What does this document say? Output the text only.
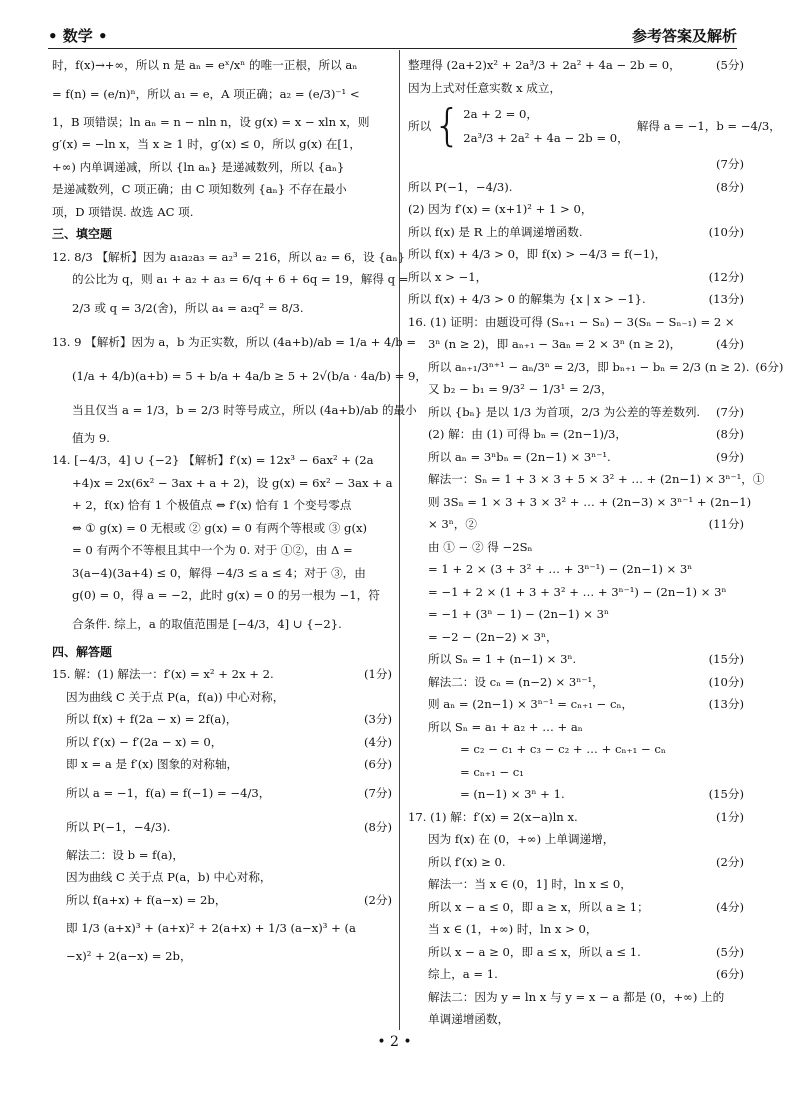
• 数学 •	参考答案及解析
时，f(x)→+∞，所以 n 是 aₙ = eˣ/xⁿ 的唯一正根，所以 aₙ
= f(n) = (e/n)ⁿ，所以 a₁ = e，A 项正确；a₂ = (e/3)⁻¹ <
1，B 项错误；ln aₙ = n − nln n，设 g(x) = x − xln x，则
g′(x) = −ln x，当 x ≥ 1 时，g′(x) ≤ 0，所以 g(x) 在[1，
+∞) 内单调递减，所以 {ln aₙ} 是递减数列，所以 {aₙ}
是递减数列，C 项正确；由 C 项知数列 {aₙ} 不存在最小
项，D 项错误. 故选 AC 项.
三、填空题
12. 8/3 【解析】因为 a₁a₂a₃ = a₂³ = 216，所以 a₂ = 6，设 {aₙ}
的公比为 q，则 a₁ + a₂ + a₃ = 6/q + 6 + 6q = 19，解得 q =
2/3 或 q = 3/2(舍)，所以 a₄ = a₂q² = 8/3.
13. 9 【解析】因为 a，b 为正实数，所以 (4a+b)/ab = 1/a + 4/b =
(1/a + 4/b)(a+b) = 5 + b/a + 4a/b ≥ 5 + 2√(b/a · 4a/b) = 9，
当且仅当 a = 1/3，b = 2/3 时等号成立，所以 (4a+b)/ab 的最小
值为 9.
14. [−4/3，4] ∪ {−2} 【解析】f′(x) = 12x³ − 6ax² + (2a
+4)x = 2x(6x² − 3ax + a + 2)，设 g(x) = 6x² − 3ax + a
+ 2，f(x) 恰有 1 个极值点 ⇔ f′(x) 恰有 1 个变号零点
⇔ ① g(x) = 0 无根或 ② g(x) = 0 有两个等根或 ③ g(x)
= 0 有两个不等根且其中一个为 0. 对于 ①②，由 Δ =
3(a−4)(3a+4) ≤ 0，解得 −4/3 ≤ a ≤ 4；对于 ③，由
g(0) = 0，得 a = −2，此时 g(x) = 0 的另一根为 −1，符
合条件. 综上，a 的取值范围是 [−4/3，4] ∪ {−2}.
四、解答题
15. 解：(1) 解法一：f′(x) = x² + 2x + 2.	(1分)
因为曲线 C 关于点 P(a，f(a)) 中心对称，
所以 f(x) + f(2a − x) = 2f(a)，	(3分)
所以 f′(x) − f′(2a − x) = 0，	(4分)
即 x = a 是 f′(x) 图象的对称轴，	(6分)
所以 a = −1，f(a) = f(−1) = −4/3，	(7分)
所以 P(−1，−4/3).	(8分)
解法二：设 b = f(a)，
因为曲线 C 关于点 P(a，b) 中心对称，
所以 f(a+x) + f(a−x) = 2b，	(2分)
即 1/3 (a+x)³ + (a+x)² + 2(a+x) + 1/3 (a−x)³ + (a
−x)² + 2(a−x) = 2b，
整理得 (2a+2)x² + 2a³/3 + 2a² + 4a − 2b = 0，	(5分)
因为上式对任意实数 x 成立，
所以 { 2a + 2 = 0，
2a³/3 + 2a² + 4a − 2b = 0，
解得 a = −1，b = −4/3，
(7分)
所以 P(−1，−4/3).	(8分)
(2) 因为 f′(x) = (x+1)² + 1 > 0，
所以 f(x) 是 R 上的单调递增函数.	(10分)
所以 f(x) + 4/3 > 0，即 f(x) > −4/3 = f(−1)，
所以 x > −1，	(12分)
所以 f(x) + 4/3 > 0 的解集为 {x | x > −1}.	(13分)
16. (1) 证明：由题设可得 (Sₙ₊₁ − Sₙ) − 3(Sₙ − Sₙ₋₁) = 2 ×
3ⁿ (n ≥ 2)，即 aₙ₊₁ − 3aₙ = 2 × 3ⁿ (n ≥ 2)，	(4分)
所以 aₙ₊₁/3ⁿ⁺¹ − aₙ/3ⁿ = 2/3，即 bₙ₊₁ − bₙ = 2/3 (n ≥ 2). (6分)
又 b₂ − b₁ = 9/3² − 1/3¹ = 2/3，
所以 {bₙ} 是以 1/3 为首项，2/3 为公差的等差数列.	(7分)
(2) 解：由 (1) 可得 bₙ = (2n−1)/3，	(8分)
所以 aₙ = 3ⁿbₙ = (2n−1) × 3ⁿ⁻¹.	(9分)
解法一：Sₙ = 1 + 3 × 3 + 5 × 3² + … + (2n−1) × 3ⁿ⁻¹，①
则 3Sₙ = 1 × 3 + 3 × 3² + … + (2n−3) × 3ⁿ⁻¹ + (2n−1)
× 3ⁿ，②	(11分)
由 ① − ② 得 −2Sₙ
= 1 + 2 × (3 + 3² + … + 3ⁿ⁻¹) − (2n−1) × 3ⁿ
= −1 + 2 × (1 + 3 + 3² + … + 3ⁿ⁻¹) − (2n−1) × 3ⁿ
= −1 + (3ⁿ − 1) − (2n−1) × 3ⁿ
= −2 − (2n−2) × 3ⁿ，
所以 Sₙ = 1 + (n−1) × 3ⁿ.	(15分)
解法二：设 cₙ = (n−2) × 3ⁿ⁻¹，	(10分)
则 aₙ = (2n−1) × 3ⁿ⁻¹ = cₙ₊₁ − cₙ，	(13分)
所以 Sₙ = a₁ + a₂ + … + aₙ
= c₂ − c₁ + c₃ − c₂ + … + cₙ₊₁ − cₙ
= cₙ₊₁ − c₁
= (n−1) × 3ⁿ + 1.	(15分)
17. (1) 解：f′(x) = 2(x−a)ln x.	(1分)
因为 f(x) 在 (0，+∞) 上单调递增，
所以 f′(x) ≥ 0.	(2分)
解法一：当 x ∈ (0，1] 时，ln x ≤ 0，
所以 x − a ≤ 0，即 a ≥ x，所以 a ≥ 1；	(4分)
当 x ∈ (1，+∞) 时，ln x > 0，
所以 x − a ≥ 0，即 a ≤ x，所以 a ≤ 1.	(5分)
综上，a = 1.	(6分)
解法二：因为 y = ln x 与 y = x − a 都是 (0，+∞) 上的
单调递增函数，
• 2 •
